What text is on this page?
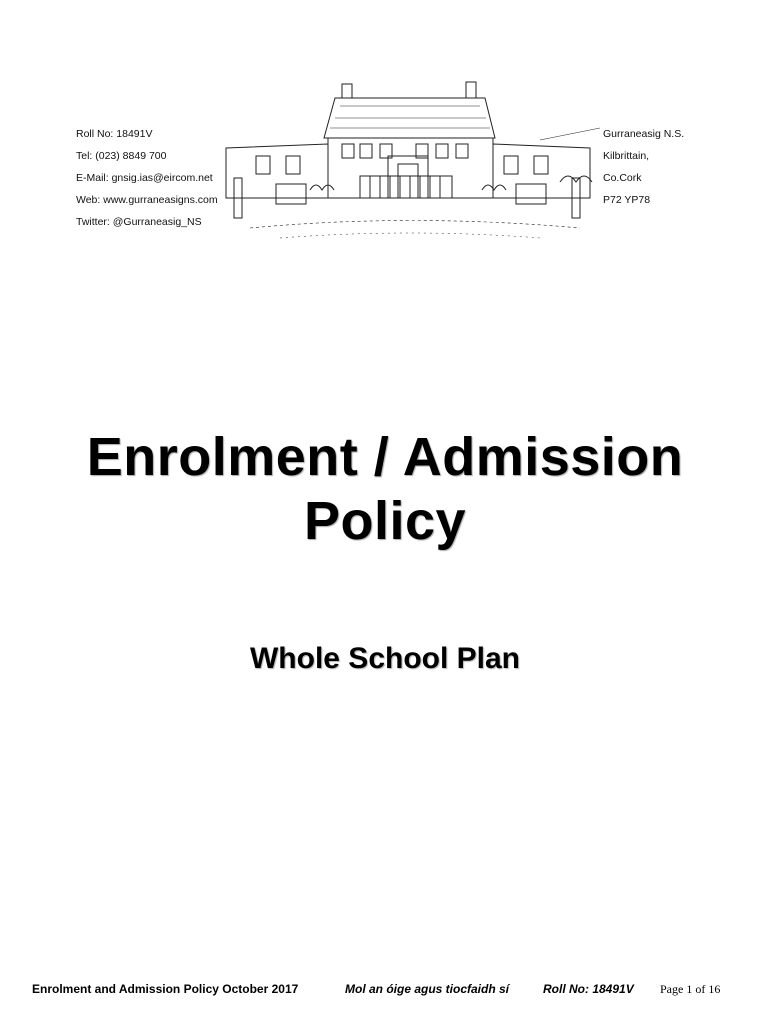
Roll No: 18491V
Tel: (023) 8849 700
E-Mail: gnsig.ias@eircom.net
Web: www.gurraneasigns.com
Twitter: @Gurraneasig_NS
Gurraneasig N.S.
Kilbrittain,
Co.Cork
P72 YP78
Enrolment / Admission
Policy
Whole School Plan
Enrolment and Admission Policy October 2017	Mol an óige agus tiocfaidh sí	Roll No: 18491V Page 1 of 16
